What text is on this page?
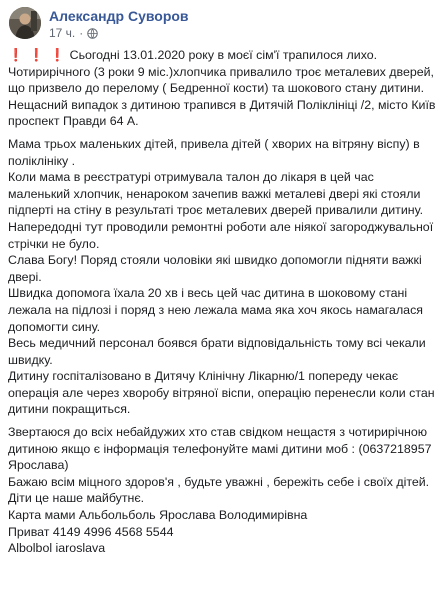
Александр Суворов
17 ч. ·

❗ ❗ ❗ Сьогодні 13.01.2020 року в моєї сім'ї трапилося лихо.

Чотирирічного (3 роки 9 міс.)хлопчика привалило троє металевих дверей, що призвело до перелому ( Бедренної кости) та шокового стану дитини.

Нещасний випадок з дитиною трапився в Дитячій Поліклініці /2, місто Київ проспект Правди 64 А.

Мама трьох маленьких дітей, привела дітей ( хворих на вітряну віспу) в поліклініку .

Коли мама в реєстратурі отримувала талон до лікаря в цей час маленький хлопчик, ненароком зачепив важкі металеві двері які стояли підперті на стіну в результаті троє металевих дверей привалили дитину.

Напередодні тут проводили ремонтні роботи але ніякої загороджувальної стрічки не було.

Слава Богу! Поряд стояли чоловіки які швидко допомогли підняти важкі двері.

Швидка допомога їхала 20 хв і весь цей час дитина в шоковому стані лежала на підлозі і поряд з нею лежала мама яка хоч якось намагалася допомогти сину.

Весь медичний персонал боявся брати відповідальність тому всі чекали швидку.

Дитину госпіталізовано в Дитячу Клінічну Лікарню/1 попереду чекає операція але через хворобу вітряної віспи, операцію перенесли коли стан дитини покращиться.

Звертаюся до всіх небайдужих хто став свідком нещастя з чотирирічною дитиною якщо є інформація телефонуйте мамі дитини моб : (0637218957 Ярослава)

Бажаю всім міцного здоров'я , будьте уважні , бережіть себе і своїх дітей. Діти це наше майбутнє.

Карта мами Альбольболь Ярослава Володимирівна

Приват 4149 4996 4568 5544

Albolbol iaroslava
